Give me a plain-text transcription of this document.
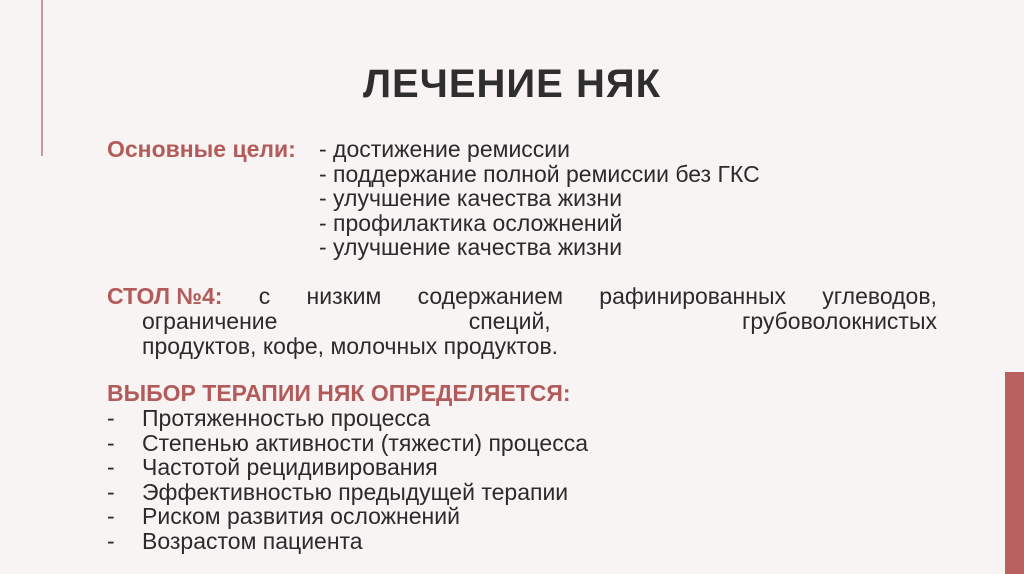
ЛЕЧЕНИЕ НЯК
Основные цели: - достижение ремиссии
- поддержание полной ремиссии без ГКС
- улучшение качества жизни
- профилактика осложнений
- улучшение качества жизни
СТОЛ №4: с низким содержанием рафинированных углеводов,
ограничение	специй,	грубоволокнистых
продуктов, кофе, молочных продуктов.
ВЫБОР ТЕРАПИИ НЯК ОПРЕДЕЛЯЕТСЯ:
-	Протяженностью процесса
-	Степенью активности (тяжести) процесса
-	Частотой рецидивирования
-	Эффективностью предыдущей терапии
-	Риском развития осложнений
-	Возрастом пациента
